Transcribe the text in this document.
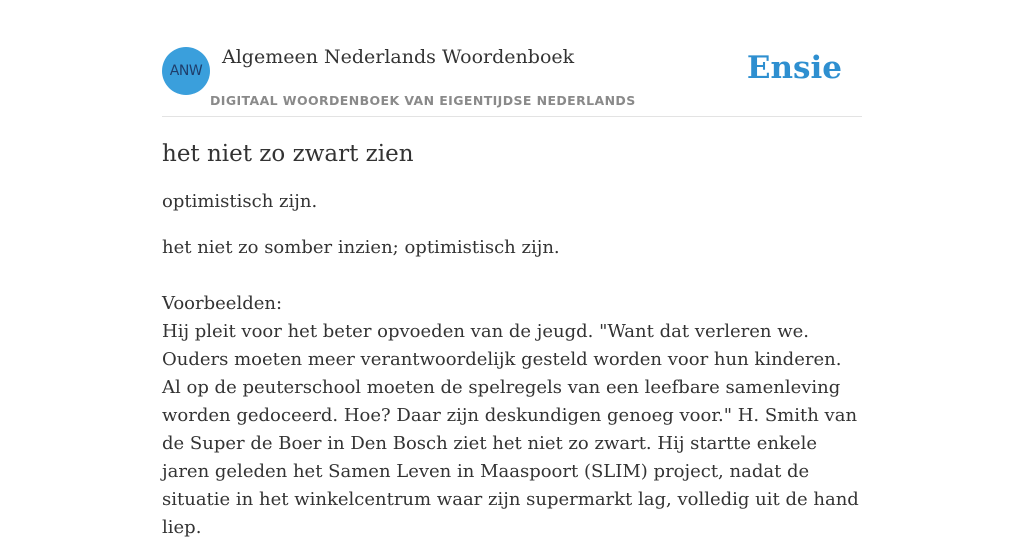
ANW
Algemeen Nederlands Woordenboek
DIGITAAL WOORDENBOEK VAN EIGENTIJDSE NEDERLANDS
Ensie
het niet zo zwart zien

optimistisch zijn.

het niet zo somber inzien; optimistisch zijn.

Voorbeelden:

Hij pleit voor het beter opvoeden van de jeugd. "Want dat verleren we. Ouders moeten meer verantwoordelijk gesteld worden voor hun kinderen. Al op de peuterschool moeten de spelregels van een leefbare samenleving worden gedoceerd. Hoe? Daar zijn deskundigen genoeg voor." H. Smith van de Super de Boer in Den Bosch ziet het niet zo zwart. Hij startte enkele jaren geleden het Samen Leven in Maaspoort (SLIM) project, nadat de situatie in het winkelcentrum waar zijn supermarkt lag, volledig uit de hand liep.
